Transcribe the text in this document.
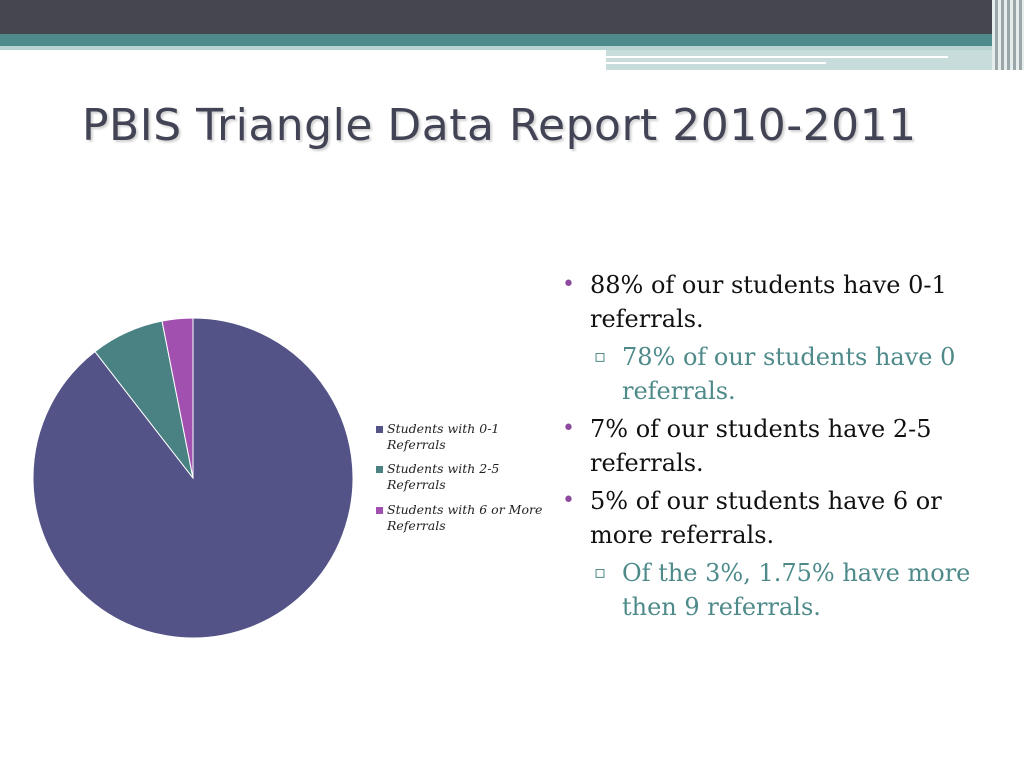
PBIS Triangle Data Report 2010-2011
Students with 0-1
Referrals
Students with 2-5
Referrals
Students with 6 or More
Referrals
• 88% of our students have 0-1 referrals.
▫ 78% of our students have 0 referrals.
• 7% of our students have 2-5 referrals.
• 5% of our students have 6 or more referrals.
▫ Of the 3%, 1.75% have more then 9 referrals.
